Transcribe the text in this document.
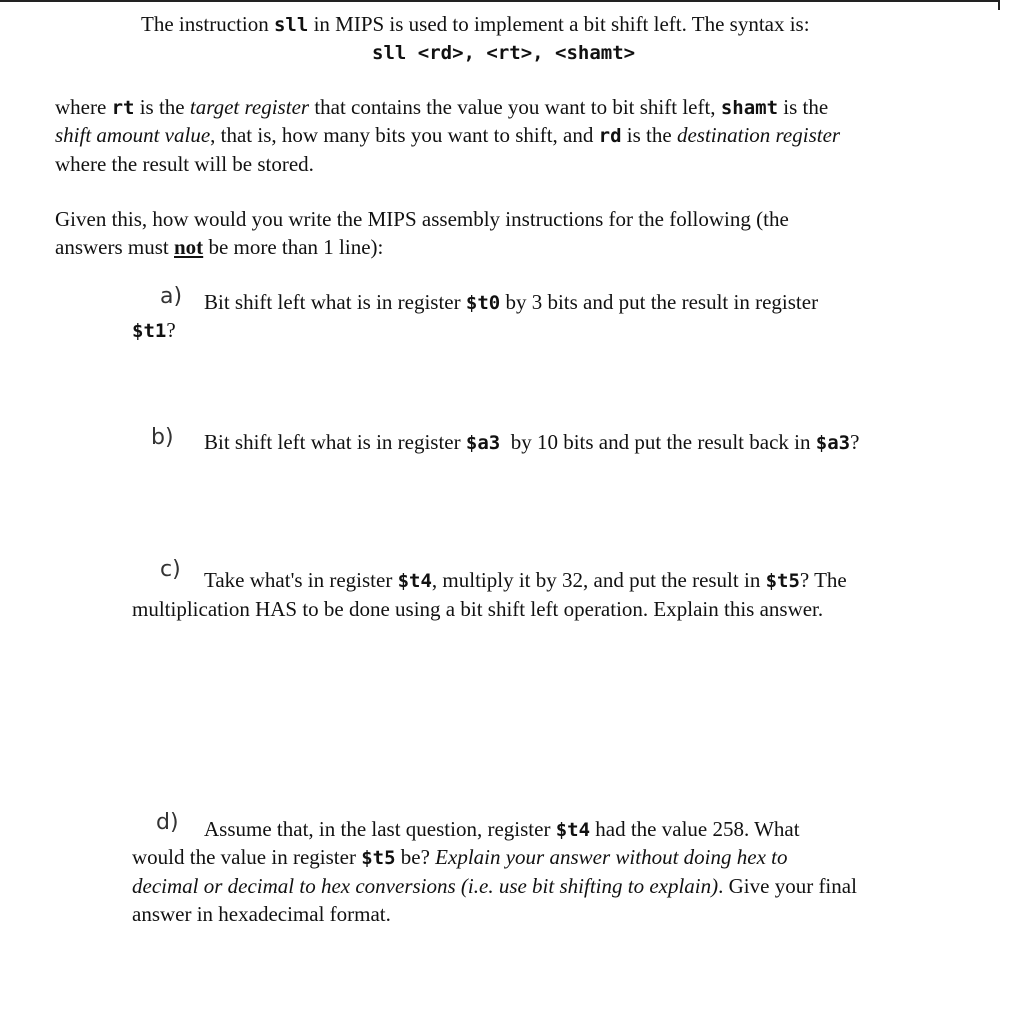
The instruction sll in MIPS is used to implement a bit shift left. The syntax is:

sll <rd>, <rt>, <shamt>

where rt is the target register that contains the value you want to bit shift left, shamt is the

shift amount value, that is, how many bits you want to shift, and rd is the destination register

where the result will be stored.

Given this, how would you write the MIPS assembly instructions for the following (the

answers must not be more than 1 line):

a) Bit shift left what is in register $t0 by 3 bits and put the result in register

$t1?

b) Bit shift left what is in register $a3  by 10 bits and put the result back in $a3?

c) Take what's in register $t4, multiply it by 32, and put the result in $t5? The

multiplication HAS to be done using a bit shift left operation. Explain this answer.

d) Assume that, in the last question, register $t4 had the value 258. What

would the value in register $t5 be? Explain your answer without doing hex to

decimal or decimal to hex conversions (i.e. use bit shifting to explain). Give your final

answer in hexadecimal format.
